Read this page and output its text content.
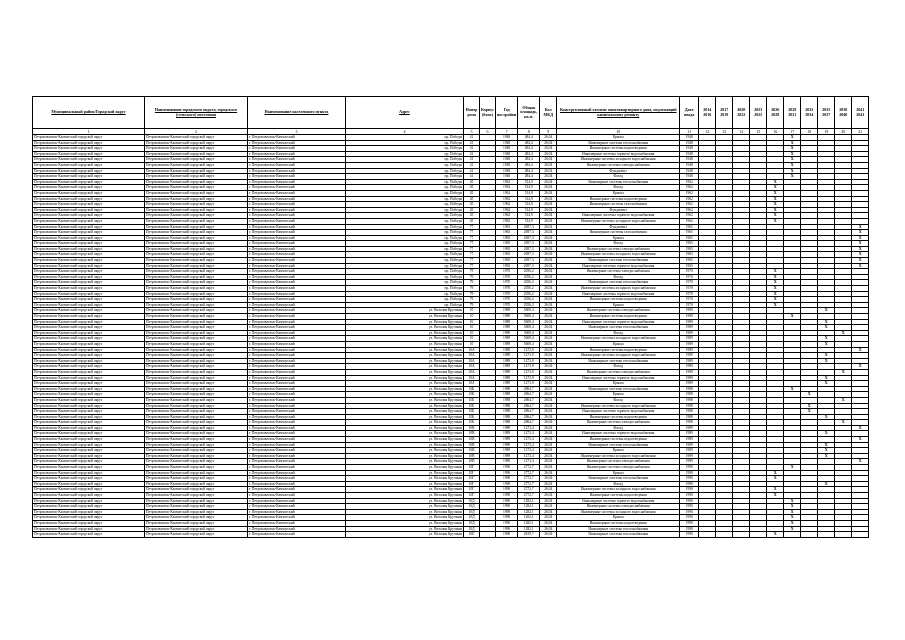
Муниципальный район/Городской округ	Наименование городского округа, городского (сельского) поселения	Наименование населенного пункта	Адрес	Номер дома	Корпус (блок)	Год постройки	Общая площадь, кв.м.	Кол МКД	Конструктивный элемент многоквартирного дома, подлежащий капитальному ремонту	Дата ввода	2014 2016	2017 2019	2020 2022	2023 2025	2026 2028	2029 2031	2032 2034	2035 2037	2038 2040	2041 2043
1	2	3	4	5	6	7	8	9	10	11	12	13	14	15	16	17	18	19	20	21
Петропавловск-Камчатский городской округ	Петропавловск-Камчатский городской округ	г. Петропавловск-Камчатский	пр. Победы	41		1948	484,4	26,04	Крыша	1948						X				
Петропавловск-Камчатский городской округ	Петропавловск-Камчатский городской округ	г. Петропавловск-Камчатский	пр. Победы	41		1948	484,4	26,04	Инженерные системы теплоснабжения	1948						X				
Петропавловск-Камчатский городской округ	Петропавловск-Камчатский городской округ	г. Петропавловск-Камчатский	пр. Победы	41		1948	484,4	26,04	Инженерные системы водоотведения	1948						X				
Петропавловск-Камчатский городской округ	Петропавловск-Камчатский городской округ	г. Петропавловск-Камчатский	пр. Победы	41		1948	484,4	26,04	Инженерные системы горячего водоснабжения	1948						X				
Петропавловск-Камчатский городской округ	Петропавловск-Камчатский городской округ	г. Петропавловск-Камчатский	пр. Победы	41		1948	484,4	26,04	Инженерные системы холодного водоснабжения	1948						X				
Петропавловск-Камчатский городской округ	Петропавловск-Камчатский городской округ	г. Петропавловск-Камчатский	пр. Победы	41		1948	484,4	26,04	Инженерные системы электроснабжения	1948						X				
Петропавловск-Камчатский городской округ	Петропавловск-Камчатский городской округ	г. Петропавловск-Камчатский	пр. Победы	41		1948	484,4	26,04	Фундамент	1948						X				
Петропавловск-Камчатский городской округ	Петропавловск-Камчатский городской округ	г. Петропавловск-Камчатский	пр. Победы	41		1948	484,4	26,04	Фасад	1948						X				
Петропавловск-Камчатский городской округ	Петропавловск-Камчатский городской округ	г. Петропавловск-Камчатский	пр. Победы	45		1962	514,9	26,04	Инженерные системы теплоснабжения	1962					X					
Петропавловск-Камчатский городской округ	Петропавловск-Камчатский городской округ	г. Петропавловск-Камчатский	пр. Победы	45		1962	514,9	26,04	Фасад	1962					X					
Петропавловск-Камчатский городской округ	Петропавловск-Камчатский городской округ	г. Петропавловск-Камчатский	пр. Победы	45		1962	514,9	26,04	Крыша	1962					X					
Петропавловск-Камчатский городской округ	Петропавловск-Камчатский городской округ	г. Петропавловск-Камчатский	пр. Победы	45		1962	514,9	26,04	Инженерные системы водоотведения	1962					X					
Петропавловск-Камчатский городской округ	Петропавловск-Камчатский городской округ	г. Петропавловск-Камчатский	пр. Победы	45		1962	514,9	26,04	Инженерные системы газоснабжения	1962					X					
Петропавловск-Камчатский городской округ	Петропавловск-Камчатский городской округ	г. Петропавловск-Камчатский	пр. Победы	45		1962	514,9	26,04	Фундамент	1962					X					
Петропавловск-Камчатский городской округ	Петропавловск-Камчатский городской округ	г. Петропавловск-Камчатский	пр. Победы	45		1962	514,9	26,04	Инженерные системы горячего водоснабжения	1962					X					
Петропавловск-Камчатский городской округ	Петропавловск-Камчатский городской округ	г. Петропавловск-Камчатский	пр. Победы	45		1962	514,9	26,04	Инженерные системы холодного водоснабжения	1962					X					
Петропавловск-Камчатский городской округ	Петропавловск-Камчатский городской округ	г. Петропавловск-Камчатский	пр. Победы	77		1965	2697,3	26,04	Фундамент	1965										X
Петропавловск-Камчатский городской округ	Петропавловск-Камчатский городской округ	г. Петропавловск-Камчатский	пр. Победы	77		1965	2697,3	26,04	Инженерные системы газоснабжения	1965										X
Петропавловск-Камчатский городской округ	Петропавловск-Камчатский городской округ	г. Петропавловск-Камчатский	пр. Победы	77		1965	2697,3	26,04	Крыша	1965										X
Петропавловск-Камчатский городской округ	Петропавловск-Камчатский городской округ	г. Петропавловск-Камчатский	пр. Победы	77		1965	2697,3	26,04	Фасад	1965										X
Петропавловск-Камчатский городской округ	Петропавловск-Камчатский городской округ	г. Петропавловск-Камчатский	пр. Победы	77		1965	2697,3	26,04	Инженерные системы электроснабжения	1965										X
Петропавловск-Камчатский городской округ	Петропавловск-Камчатский городской округ	г. Петропавловск-Камчатский	пр. Победы	77		1965	2697,3	26,04	Инженерные системы холодного водоснабжения	1965										X
Петропавловск-Камчатский городской округ	Петропавловск-Камчатский городской округ	г. Петропавловск-Камчатский	пр. Победы	77		1965	2697,3	26,04	Инженерные системы теплоснабжения	1965										X
Петропавловск-Камчатский городской округ	Петропавловск-Камчатский городской округ	г. Петропавловск-Камчатский	пр. Победы	77		1965	2697,3	26,04	Инженерные системы горячего водоснабжения	1965										X
Петропавловск-Камчатский городской округ	Петропавловск-Камчатский городской округ	г. Петропавловск-Камчатский	пр. Победы	79		1970	2056,2	26,04	Инженерные системы электроснабжения	1970					X					
Петропавловск-Камчатский городской округ	Петропавловск-Камчатский городской округ	г. Петропавловск-Камчатский	пр. Победы	79		1970	2056,2	26,04	Фасад	1970					X					
Петропавловск-Камчатский городской округ	Петропавловск-Камчатский городской округ	г. Петропавловск-Камчатский	пр. Победы	79		1970	2056,2	26,04	Инженерные системы теплоснабжения	1970					X					
Петропавловск-Камчатский городской округ	Петропавловск-Камчатский городской округ	г. Петропавловск-Камчатский	пр. Победы	79		1970	2056,2	26,04	Инженерные системы холодного водоснабжения	1970					X					
Петропавловск-Камчатский городской округ	Петропавловск-Камчатский городской округ	г. Петропавловск-Камчатский	пр. Победы	79		1970	2056,2	26,04	Инженерные системы горячего водоснабжения	1970					X					
Петропавловск-Камчатский городской округ	Петропавловск-Камчатский городской округ	г. Петропавловск-Камчатский	пр. Победы	79		1970	2056,2	26,04	Инженерные системы водоотведения	1970					X					
Петропавловск-Камчатский городской округ	Петропавловск-Камчатский городской округ	г. Петропавловск-Камчатский	пр. Победы	79		1970	2056,2	26,04	Крыша	1970					X					
Петропавловск-Камчатский городской округ	Петропавловск-Камчатский городской округ	г. Петропавловск-Камчатский	ул. Виталия Кручины	10		1989	5608,4	26,04	Инженерные системы электроснабжения	1989								X		
Петропавловск-Камчатский городской округ	Петропавловск-Камчатский городской округ	г. Петропавловск-Камчатский	ул. Виталия Кручины	10		1989	5608,4	26,04	Инженерные системы водоотведения	1989						X				
Петропавловск-Камчатский городской округ	Петропавловск-Камчатский городской округ	г. Петропавловск-Камчатский	ул. Виталия Кручины	10		1989	5608,4	26,04	Инженерные системы горячего водоснабжения	1989								X		
Петропавловск-Камчатский городской округ	Петропавловск-Камчатский городской округ	г. Петропавловск-Камчатский	ул. Виталия Кручины	10		1989	5608,4	26,04	Инженерные системы теплоснабжения	1989								X		
Петропавловск-Камчатский городской округ	Петропавловск-Камчатский городской округ	г. Петропавловск-Камчатский	ул. Виталия Кручины	10		1989	5608,4	26,04	Фасад	1989									X	
Петропавловск-Камчатский городской округ	Петропавловск-Камчатский городской округ	г. Петропавловск-Камчатский	ул. Виталия Кручины	10		1989	5608,4	26,04	Инженерные системы холодного водоснабжения	1989								X		
Петропавловск-Камчатский городской округ	Петропавловск-Камчатский городской округ	г. Петропавловск-Камчатский	ул. Виталия Кручины	10		1989	5608,4	26,04	Крыша	1989								X		
Петропавловск-Камчатский городской округ	Петропавловск-Камчатский городской округ	г. Петропавловск-Камчатский	ул. Виталия Кручины	10А		1989	1273,9	26,04	Инженерные системы водоотведения	1989										X
Петропавловск-Камчатский городской округ	Петропавловск-Камчатский городской округ	г. Петропавловск-Камчатский	ул. Виталия Кручины	10А		1989	1273,9	26,04	Инженерные системы холодного водоснабжения	1989								X		
Петропавловск-Камчатский городской округ	Петропавловск-Камчатский городской округ	г. Петропавловск-Камчатский	ул. Виталия Кручины	10А		1989	1273,9	26,04	Инженерные системы теплоснабжения	1989								X		
Петропавловск-Камчатский городской округ	Петропавловск-Камчатский городской округ	г. Петропавловск-Камчатский	ул. Виталия Кручины	10А		1989	1273,9	26,04	Фасад	1989										X
Петропавловск-Камчатский городской округ	Петропавловск-Камчатский городской округ	г. Петропавловск-Камчатский	ул. Виталия Кручины	10А		1989	1273,9	26,04	Инженерные системы электроснабжения	1989									X	
Петропавловск-Камчатский городской округ	Петропавловск-Камчатский городской округ	г. Петропавловск-Камчатский	ул. Виталия Кручины	10А		1989	1273,9	26,04	Инженерные системы горячего водоснабжения	1989								X		
Петропавловск-Камчатский городской округ	Петропавловск-Камчатский городской округ	г. Петропавловск-Камчатский	ул. Виталия Кручины	10А		1989	1273,9	26,04	Крыша	1989								X		
Петропавловск-Камчатский городской округ	Петропавловск-Камчатский городской округ	г. Петропавловск-Камчатский	ул. Виталия Кручины	10Б		1988	2864,7	26,04	Инженерные системы теплоснабжения	1988						X				
Петропавловск-Камчатский городской округ	Петропавловск-Камчатский городской округ	г. Петропавловск-Камчатский	ул. Виталия Кручины	10Б		1988	2864,7	26,04	Крыша	1988							X			
Петропавловск-Камчатский городской округ	Петропавловск-Камчатский городской округ	г. Петропавловск-Камчатский	ул. Виталия Кручины	10Б		1988	2864,7	26,04	Фасад	1988									X	
Петропавловск-Камчатский городской округ	Петропавловск-Камчатский городской округ	г. Петропавловск-Камчатский	ул. Виталия Кручины	10Б		1988	2864,7	26,04	Инженерные системы холодного водоснабжения	1988							X			
Петропавловск-Камчатский городской округ	Петропавловск-Камчатский городской округ	г. Петропавловск-Камчатский	ул. Виталия Кручины	10Б		1988	2864,7	26,04	Инженерные системы горячего водоснабжения	1988							X			
Петропавловск-Камчатский городской округ	Петропавловск-Камчатский городской округ	г. Петропавловск-Камчатский	ул. Виталия Кручины	10Б		1988	2864,7	26,04	Инженерные системы водоотведения	1988								X		
Петропавловск-Камчатский городской округ	Петропавловск-Камчатский городской округ	г. Петропавловск-Камчатский	ул. Виталия Кручины	10Б		1988	2864,7	26,04	Инженерные системы электроснабжения	1988									X	
Петропавловск-Камчатский городской округ	Петропавловск-Камчатский городской округ	г. Петропавловск-Камчатский	ул. Виталия Кручины	10В		1989	1273,4	26,04	Фасад	1989										X
Петропавловск-Камчатский городской округ	Петропавловск-Камчатский городской округ	г. Петропавловск-Камчатский	ул. Виталия Кручины	10В		1989	1273,4	26,04	Инженерные системы горячего водоснабжения	1989								X		
Петропавловск-Камчатский городской округ	Петропавловск-Камчатский городской округ	г. Петропавловск-Камчатский	ул. Виталия Кручины	10В		1989	1273,4	26,04	Инженерные системы водоотведения	1989										X
Петропавловск-Камчатский городской округ	Петропавловск-Камчатский городской округ	г. Петропавловск-Камчатский	ул. Виталия Кручины	10В		1989	1273,4	26,04	Инженерные системы теплоснабжения	1989								X		
Петропавловск-Камчатский городской округ	Петропавловск-Камчатский городской округ	г. Петропавловск-Камчатский	ул. Виталия Кручины	10В		1989	1273,4	26,04	Крыша	1989								X		
Петропавловск-Камчатский городской округ	Петропавловск-Камчатский городской округ	г. Петропавловск-Камчатский	ул. Виталия Кручины	10В		1989	1273,4	26,04	Инженерные системы холодного водоснабжения	1989								X		
Петропавловск-Камчатский городской округ	Петропавловск-Камчатский городской округ	г. Петропавловск-Камчатский	ул. Виталия Кручины	10В		1989	1273,4	26,04	Инженерные системы электроснабжения	1989										X
Петропавловск-Камчатский городской округ	Петропавловск-Камчатский городской округ	г. Петропавловск-Камчатский	ул. Виталия Кручины	10Г		1990	2772,7	26,04	Инженерные системы электроснабжения	1990						X				
Петропавловск-Камчатский городской округ	Петропавловск-Камчатский городской округ	г. Петропавловск-Камчатский	ул. Виталия Кручины	10Г		1990	2772,7	26,04	Крыша	1990					X					
Петропавловск-Камчатский городской округ	Петропавловск-Камчатский городской округ	г. Петропавловск-Камчатский	ул. Виталия Кручины	10Г		1990	2772,7	26,04	Инженерные системы теплоснабжения	1990					X					
Петропавловск-Камчатский городской округ	Петропавловск-Камчатский городской округ	г. Петропавловск-Камчатский	ул. Виталия Кручины	10Г		1990	2772,7	26,04	Фасад	1990								X		
Петропавловск-Камчатский городской округ	Петропавловск-Камчатский городской округ	г. Петропавловск-Камчатский	ул. Виталия Кручины	10Г		1990	2772,7	26,04	Инженерные системы холодного водоснабжения	1990					X					
Петропавловск-Камчатский городской округ	Петропавловск-Камчатский городской округ	г. Петропавловск-Камчатский	ул. Виталия Кручины	10Г		1990	2772,7	26,04	Инженерные системы водоотведения	1990					X					
Петропавловск-Камчатский городской округ	Петропавловск-Камчатский городской округ	г. Петропавловск-Камчатский	ул. Виталия Кручины	10Д		1990	1282,1	26,04	Инженерные системы горячего водоснабжения	1990						X				
Петропавловск-Камчатский городской округ	Петропавловск-Камчатский городской округ	г. Петропавловск-Камчатский	ул. Виталия Кручины	10Д		1990	1282,1	26,04	Инженерные системы электроснабжения	1990						X				
Петропавловск-Камчатский городской округ	Петропавловск-Камчатский городской округ	г. Петропавловск-Камчатский	ул. Виталия Кручины	10Д		1990	1282,1	26,04	Инженерные системы холодного водоснабжения	1990						X				
Петропавловск-Камчатский городской округ	Петропавловск-Камчатский городской округ	г. Петропавловск-Камчатский	ул. Виталия Кручины	10Д		1990	1282,1	26,04	Крыша	1990						X				
Петропавловск-Камчатский городской округ	Петропавловск-Камчатский городской округ	г. Петропавловск-Камчатский	ул. Виталия Кручины	10Д		1990	1282,1	26,04	Инженерные системы водоотведения	1990						X				
Петропавловск-Камчатский городской округ	Петропавловск-Камчатский городской округ	г. Петропавловск-Камчатский	ул. Виталия Кручины	10Д		1990	1282,1	26,04	Инженерные системы теплоснабжения	1990						X				
Петропавловск-Камчатский городской округ	Петропавловск-Камчатский городской округ	г. Петропавловск-Камчатский	ул. Виталия Кручины	10Е		1990	2819,7	26,04	Инженерные системы теплоснабжения	1990					X					
